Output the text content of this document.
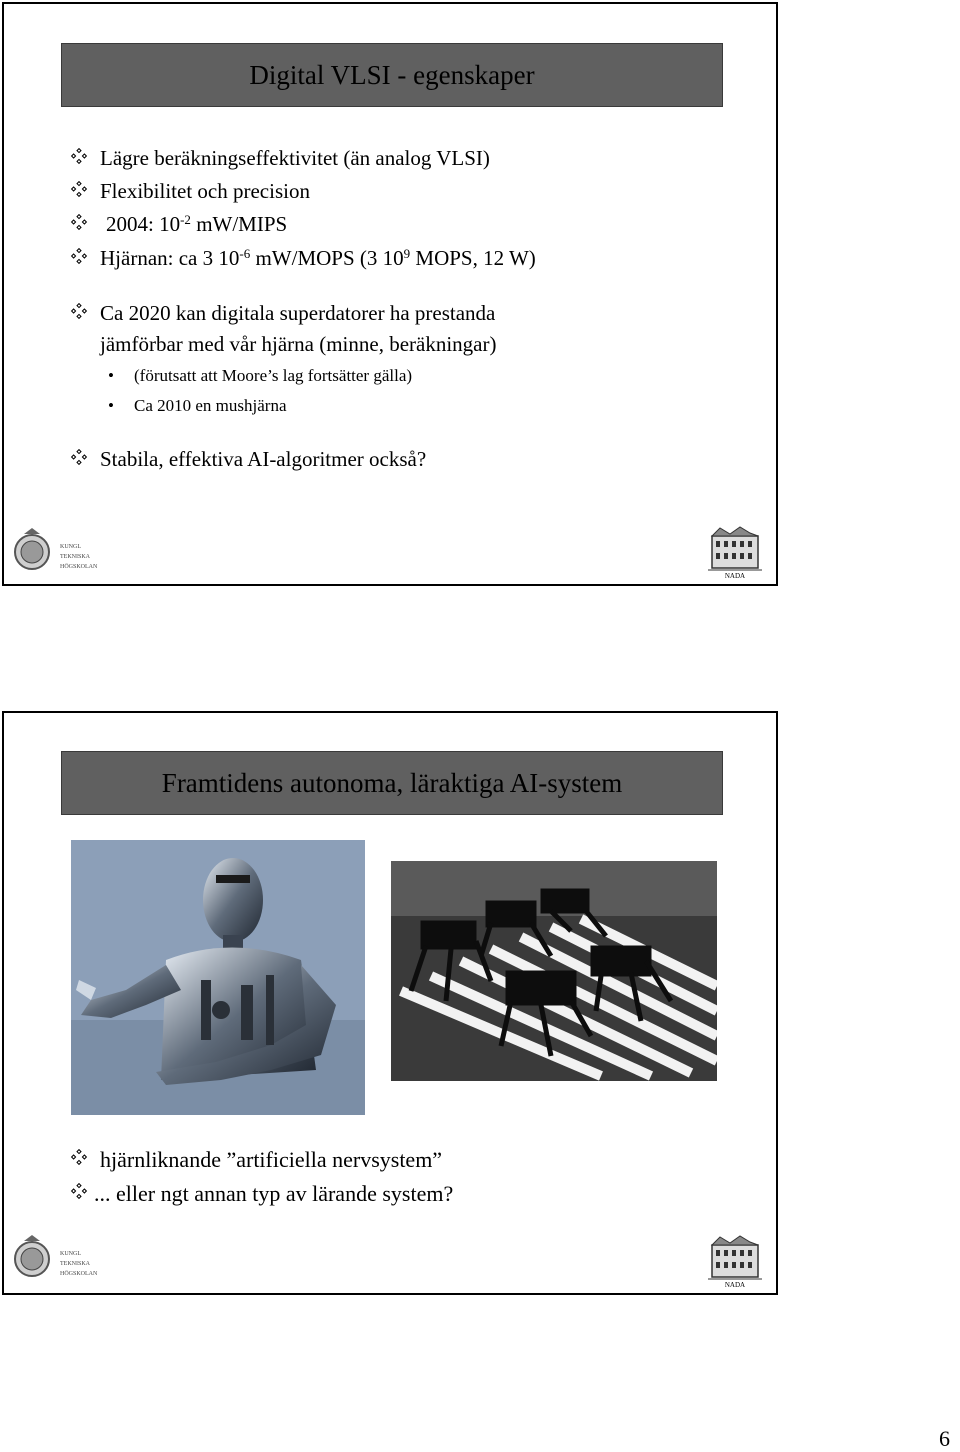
Digital VLSI - egenskaper
Lägre beräkningseffektivitet (än analog VLSI)
Flexibilitet och precision
2004: $10^{-2}$ mW/MIPS
Hjärnan: ca 3 $10^{-6}$ mW/MOPS (3 $10^9$ MOPS, 12 W)
Ca 2020 kan digitala superdatorer ha prestanda
jämförbar med vår hjärna (minne, beräkningar)
• (förutsatt att Moore’s lag fortsätter gälla)
• Ca 2010 en mushjärna
Stabila, effektiva AI-algoritmer också?
KUNGL
TEKNISKA
HÖGSKOLAN
NADA
Framtidens autonoma, läraktiga AI-system
hjärnliknande ”artificiella nervsystem”
... eller ngt annan typ av lärande system?
KUNGL
TEKNISKA
HÖGSKOLAN
NADA
6
